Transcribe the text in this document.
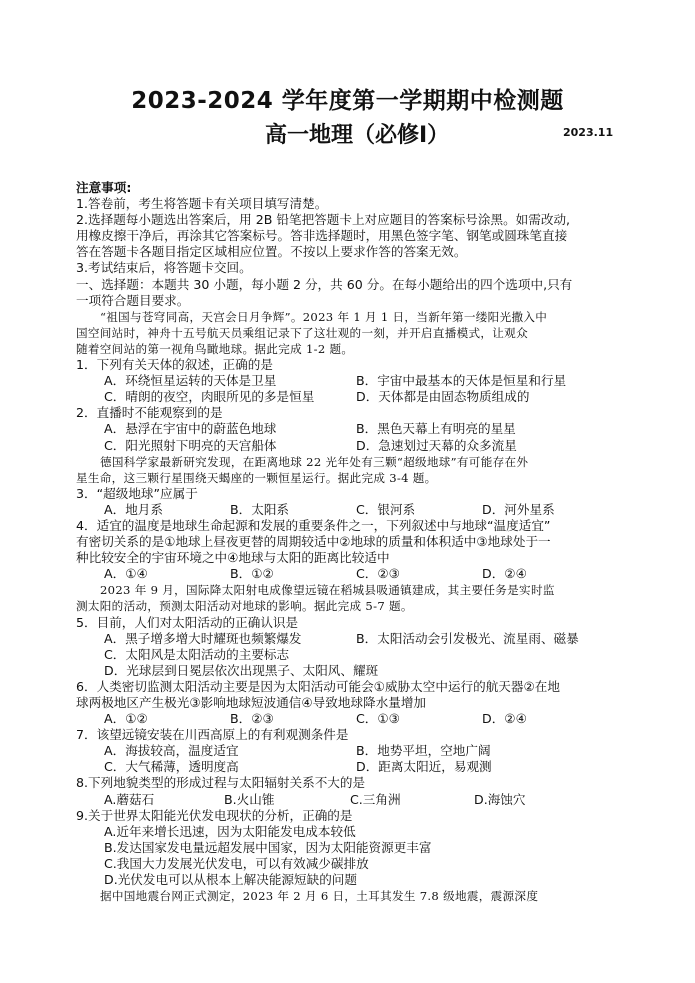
2023-2024 学年度第一学期期中检测题
高一地理（必修Ⅰ）	2023.11
注意事项:
1.答卷前，考生将答题卡有关项目填写清楚。
2.选择题每小题选出答案后，用 2B 铅笔把答题卡上对应题目的答案标号涂黑。如需改动,
用橡皮擦干净后，再涂其它答案标号。答非选择题时，用黑色签字笔、钢笔或圆珠笔直接
答在答题卡各题目指定区域相应位置。不按以上要求作答的答案无效。
3.考试结束后，将答题卡交回。
一、选择题：本题共 30 小题，每小题 2 分，共 60 分。在每小题给出的四个选项中,只有
一项符合题目要求。
“祖国与苍穹同高，天宫会日月争辉”。2023 年 1 月 1 日，当新年第一缕阳光撒入中
国空间站时，神舟十五号航天员乘组记录下了这壮观的一刻，并开启直播模式，让观众
随着空间站的第一视角鸟瞰地球。据此完成 1-2 题。
1．下列有关天体的叙述，正确的是
A．环绕恒星运转的天体是卫星	B．宇宙中最基本的天体是恒星和行星
C．晴朗的夜空，肉眼所见的多是恒星	D．天体都是由固态物质组成的
2．直播时不能观察到的是
A．悬浮在宇宙中的蔚蓝色地球	B．黑色天幕上有明亮的星星
C．阳光照射下明亮的天宫船体	D．急速划过天幕的众多流星
德国科学家最新研究发现，在距离地球 22 光年处有三颗“超级地球”有可能存在外
星生命，这三颗行星围绕天蝎座的一颗恒星运行。据此完成 3-4 题。
3．“超级地球”应属于
A．地月系	B．太阳系	C．银河系	D．河外星系
4．适宜的温度是地球生命起源和发展的重要条件之一，下列叙述中与地球“温度适宜”
有密切关系的是①地球上昼夜更替的周期较适中②地球的质量和体积适中③地球处于一
种比较安全的宇宙环境之中④地球与太阳的距离比较适中
A．①④	B．①②	C．②③	D．②④
2023 年 9 月，国际降太阳射电成像望远镜在稻城县吸通镇建成，其主要任务是实时监
测太阳的活动，预测太阳活动对地球的影响。据此完成 5-7 题。
5．目前，人们对太阳活动的正确认识是
A．黑子增多增大时耀斑也频繁爆发	B．太阳活动会引发极光、流星雨、磁暴
C．太阳风是太阳活动的主要标志
D．光球层到日冕层依次出现黑子、太阳风、耀斑
6．人类密切监测太阳活动主要是因为太阳活动可能会①威胁太空中运行的航天器②在地
球两极地区产生极光③影响地球短波通信④导致地球降水量增加
A．①②	B．②③	C．①③	D．②④
7．该望远镜安装在川西高原上的有利观测条件是
A．海拔较高，温度适宜	B．地势平坦，空地广阔
C．大气稀薄，透明度高	D．距离太阳近，易观测
8.下列地貌类型的形成过程与太阳辐射关系不大的是
A.蘑菇石	B.火山锥	C.三角洲	D.海蚀穴
9.关于世界太阳能光伏发电现状的分析，正确的是
A.近年来增长迅速，因为太阳能发电成本较低
B.发达国家发电量远超发展中国家，因为太阳能资源更丰富
C.我国大力发展光伏发电，可以有效减少碳排放
D.光伏发电可以从根本上解决能源短缺的问题
据中国地震台网正式测定，2023 年 2 月 6 日，土耳其发生 7.8 级地震，震源深度
